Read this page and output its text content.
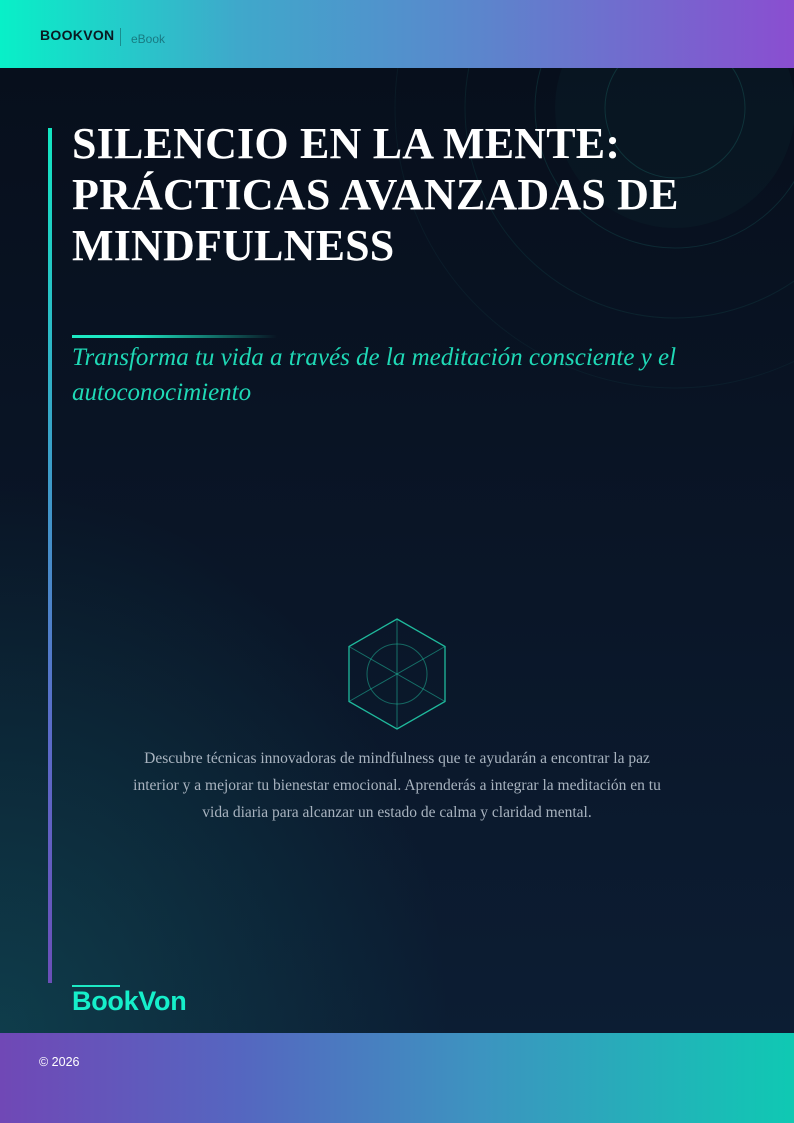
BOOKVON eBook
SILENCIO EN LA MENTE: PRÁCTICAS AVANZADAS DE MINDFULNESS

Transforma tu vida a través de la meditación consciente y el autoconocimiento

Descubre técnicas innovadoras de mindfulness que te ayudarán a encontrar la paz interior y a mejorar tu bienestar emocional. Aprenderás a integrar la meditación en tu vida diaria para alcanzar un estado de calma y claridad mental.

BookVon
© 2026
